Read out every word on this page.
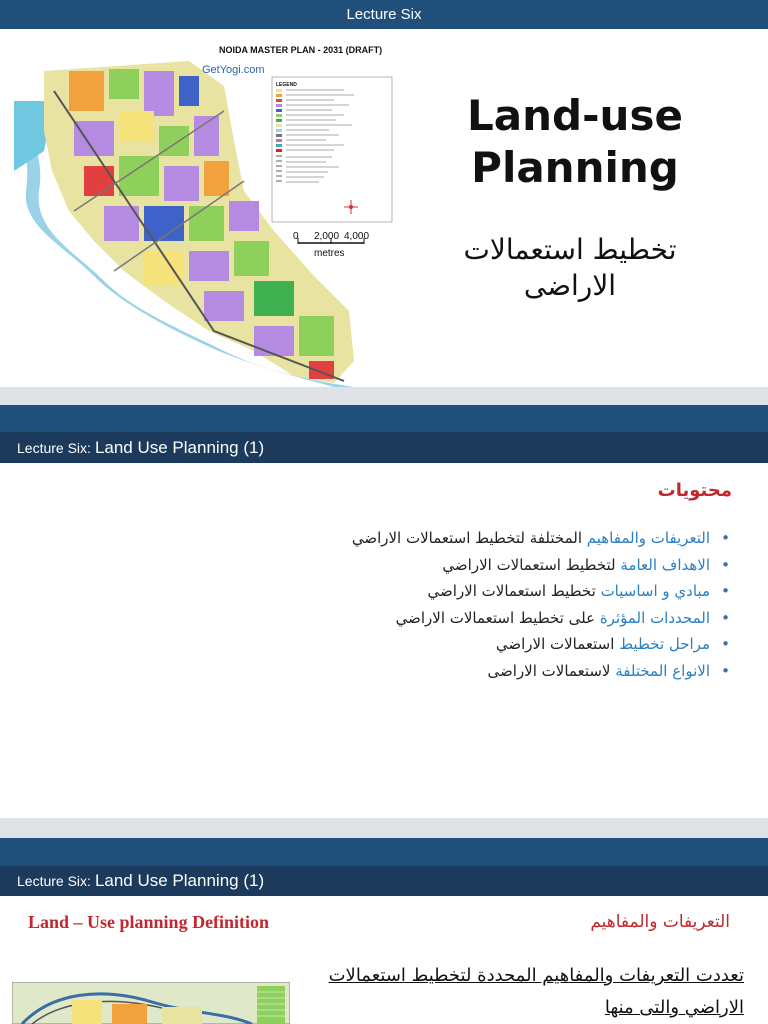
Lecture Six
NOIDA MASTER PLAN - 2031 (DRAFT)
GetYogi.com
LEGEND
0 2,000 4,000
metres
Land-use
Planning
تخطيط استعمالات
الاراضى
Lecture Six: Land Use Planning (1)
محتويات
• التعريفات والمفاهيم المختلفة لتخطيط استعمالات الاراضي
• الاهداف العامة لتخطيط استعمالات الاراضي
• مبادي و اساسيات تخطيط استعمالات الاراضي
• المحددات المؤثرة على تخطيط استعمالات الاراضي
• مراحل تخطيط استعمالات الاراضي
• الانواع المختلفة لاستعمالات الاراضى
Lecture Six: Land Use Planning (1)
Land – Use planning Definition	التعريفات والمفاهيم
تعددت التعريفات والمفاهيم المحددة لتخطيط استعمالات الاراضي والتى منها
